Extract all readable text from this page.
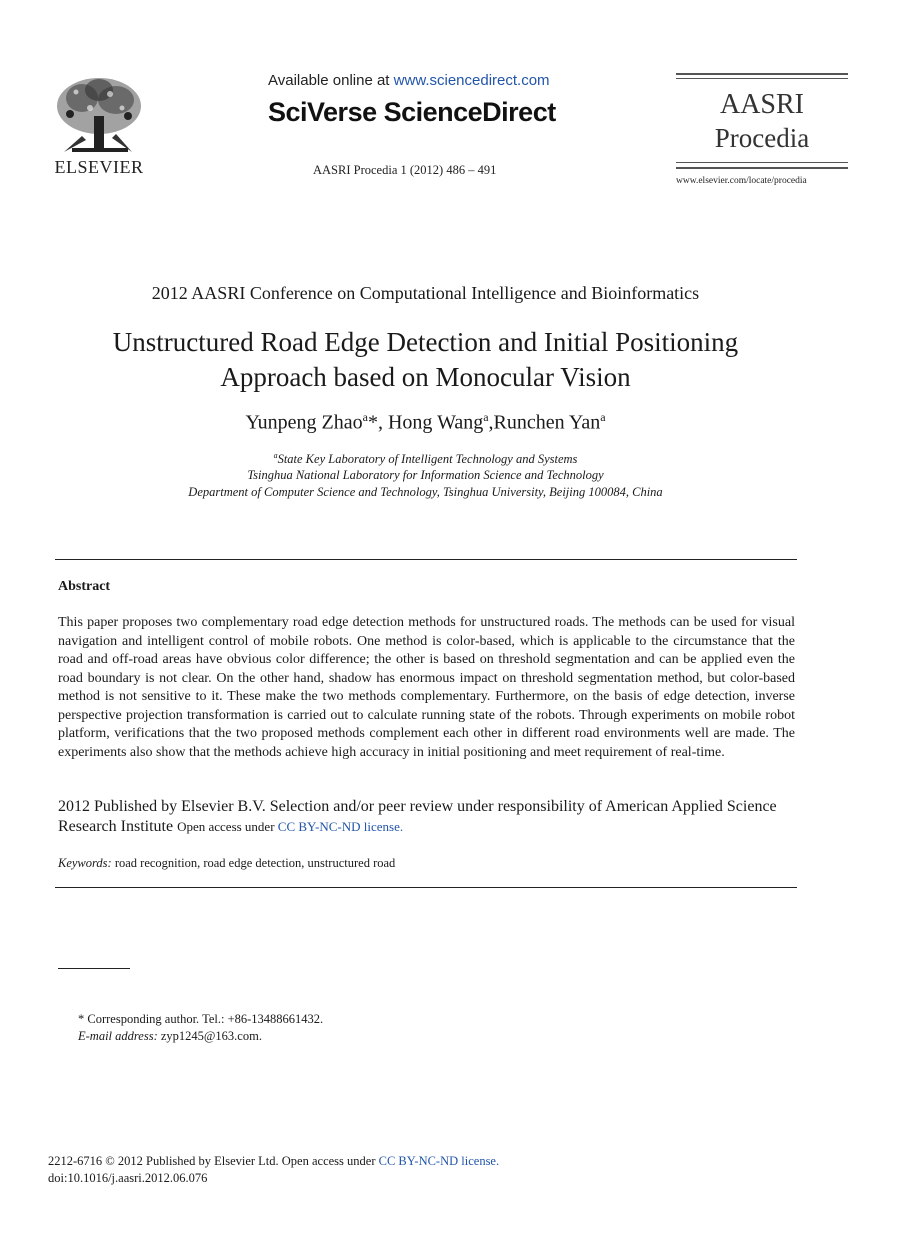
ELSEVIER
Available online at www.sciencedirect.com
SciVerse ScienceDirect
AASRI Procedia 1 (2012) 486 – 491
AASRI
Procedia
www.elsevier.com/locate/procedia
2012 AASRI Conference on Computational Intelligence and Bioinformatics
Unstructured Road Edge Detection and Initial Positioning
Approach based on Monocular Vision
Yunpeng Zhao$^a$*, Hong Wang$^a$,Runchen Yan$^a$
$^a$State Key Laboratory of Intelligent Technology and Systems
Tsinghua National Laboratory for Information Science and Technology
Department of Computer Science and Technology, Tsinghua University, Beijing 100084, China
Abstract
This paper proposes two complementary road edge detection methods for unstructured roads. The methods can be used for visual navigation and intelligent control of mobile robots. One method is color-based, which is applicable to the circumstance that the road and off-road areas have obvious color difference; the other is based on threshold segmentation and can be applied even the road boundary is not clear. On the other hand, shadow has enormous impact on threshold segmentation method, but color-based method is not sensitive to it. These make the two methods complementary. Furthermore, on the basis of edge detection, inverse perspective projection transformation is carried out to calculate running state of the robots. Through experiments on mobile robot platform, verifications that the two proposed methods complement each other in different road environments well are made. The experiments also show that the methods achieve high accuracy in initial positioning and meet requirement of real-time.
2012 Published by Elsevier B.V. Selection and/or peer review under responsibility of American Applied Science Research Institute Open access under CC BY-NC-ND license.
Keywords: road recognition, road edge detection, unstructured road
* Corresponding author. Tel.: +86-13488661432.
E-mail address: zyp1245@163.com.
2212-6716 © 2012 Published by Elsevier Ltd. Open access under CC BY-NC-ND license.
doi:10.1016/j.aasri.2012.06.076
